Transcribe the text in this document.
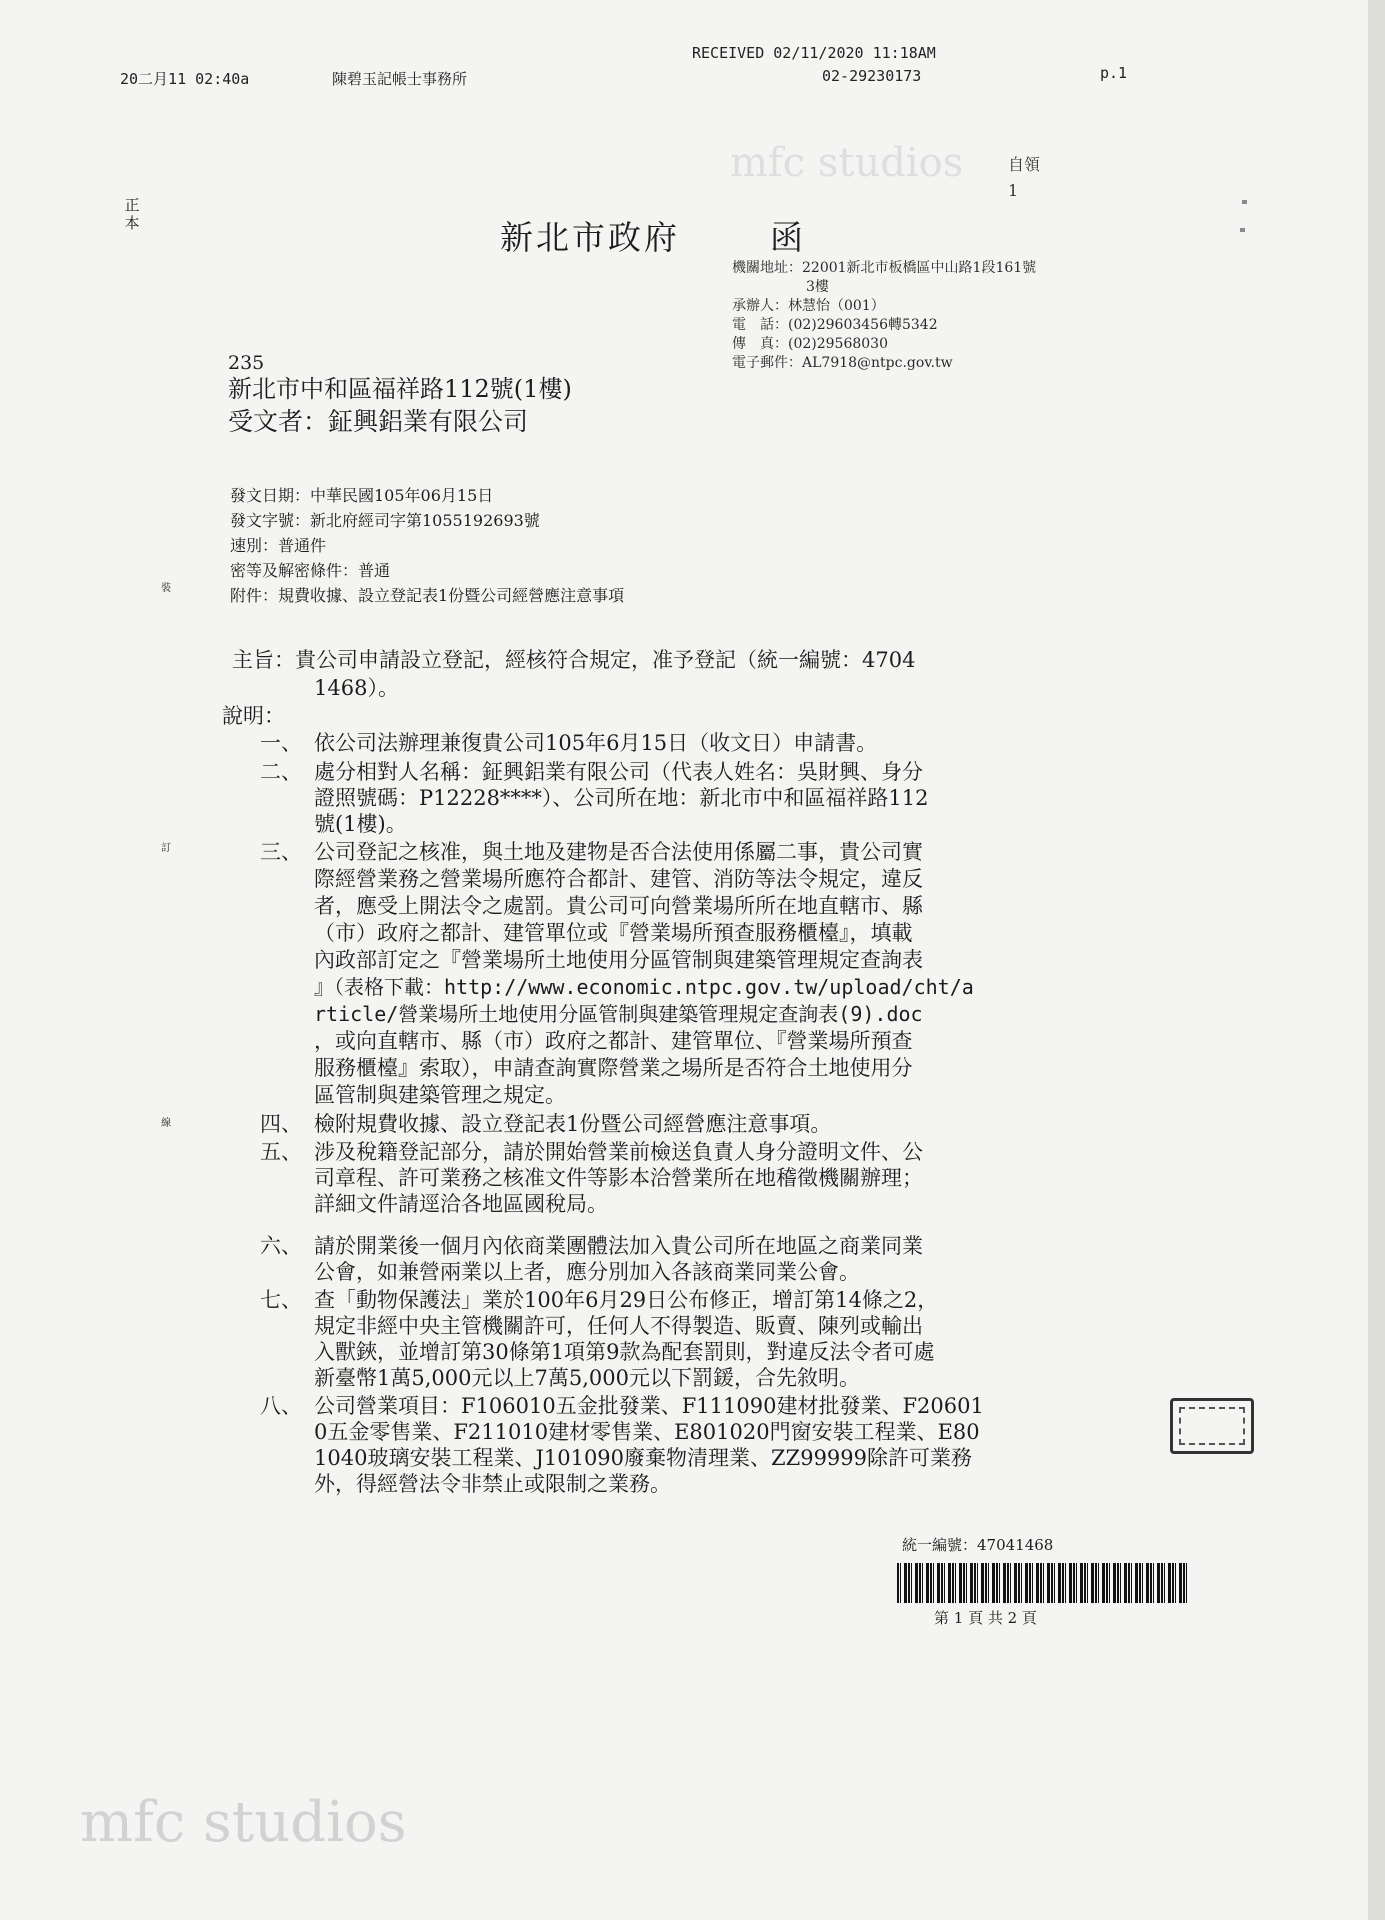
mfc studios
mfc studios
20二月11 02:40a	陳碧玉記帳士事務所
RECEIVED 02/11/2020 11:18AM
02-29230173	p.1
正本
自領
1
裝
訂
線
新北市政府	函
機關地址：22001新北市板橋區中山路1段161號
3樓
承辦人：林慧怡（001）
電　話：(02)29603456轉5342
傳　真：(02)29568030
電子郵件：AL7918@ntpc.gov.tw
235
新北市中和區福祥路112號(1樓)
受文者：鉦興鋁業有限公司
發文日期：中華民國105年06月15日
發文字號：新北府經司字第1055192693號
速別：普通件
密等及解密條件：普通
附件：規費收據、設立登記表1份暨公司經營應注意事項
主旨：貴公司申請設立登記，經核符合規定，准予登記（統一編號：4704
1468）。
說明：
一、 依公司法辦理兼復貴公司105年6月15日（收文日）申請書。
二、 處分相對人名稱：鉦興鋁業有限公司（代表人姓名：吳財興、身分
證照號碼：P12228****）、公司所在地：新北市中和區福祥路112
號(1樓)。
三、 公司登記之核准，與土地及建物是否合法使用係屬二事，貴公司實
際經營業務之營業場所應符合都計、建管、消防等法令規定，違反
者，應受上開法令之處罰。貴公司可向營業場所所在地直轄市、縣
（市）政府之都計、建管單位或『營業場所預查服務櫃檯』，填載
內政部訂定之『營業場所土地使用分區管制與建築管理規定查詢表
』（表格下載：http://www.economic.ntpc.gov.tw/upload/cht/a
rticle/營業場所土地使用分區管制與建築管理規定查詢表(9).doc
，或向直轄市、縣（市）政府之都計、建管單位、『營業場所預查
服務櫃檯』索取），申請查詢實際營業之場所是否符合土地使用分
區管制與建築管理之規定。
四、 檢附規費收據、設立登記表1份暨公司經營應注意事項。
五、 涉及稅籍登記部分，請於開始營業前檢送負責人身分證明文件、公
司章程、許可業務之核准文件等影本洽營業所在地稽徵機關辦理；
詳細文件請逕洽各地區國稅局。
六、 請於開業後一個月內依商業團體法加入貴公司所在地區之商業同業
公會，如兼營兩業以上者，應分別加入各該商業同業公會。
七、 查「動物保護法」業於100年6月29日公布修正，增訂第14條之2，
規定非經中央主管機關許可，任何人不得製造、販賣、陳列或輸出
入獸鋏，並增訂第30條第1項第9款為配套罰則，對違反法令者可處
新臺幣1萬5,000元以上7萬5,000元以下罰鍰，合先敘明。
八、 公司營業項目：F106010五金批發業、F111090建材批發業、F20601
0五金零售業、F211010建材零售業、E801020門窗安裝工程業、E80
1040玻璃安裝工程業、J101090廢棄物清理業、ZZ99999除許可業務
外，得經營法令非禁止或限制之業務。
統一編號：47041468
第 1 頁 共 2 頁
